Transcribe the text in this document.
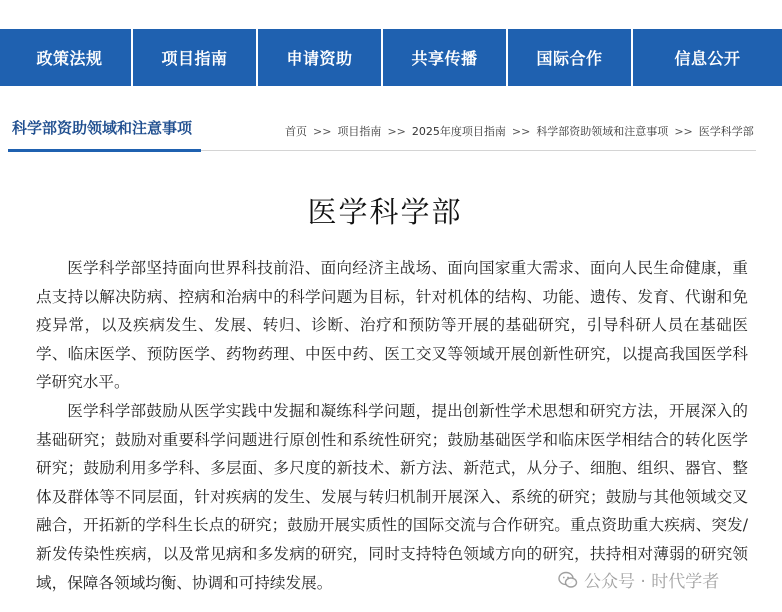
政策法规	项目指南	申请资助	共享传播	国际合作	信息公开
科学部资助领域和注意事项	首页 >> 项目指南 >> 2025年度项目指南 >> 科学部资助领域和注意事项 >> 医学科学部
医学科学部

医学科学部坚持面向世界科技前沿、面向经济主战场、面向国家重大需求、面向人民生命健康，重点支持以解决防病、控病和治病中的科学问题为目标，针对机体的结构、功能、遗传、发育、代谢和免疫异常，以及疾病发生、发展、转归、诊断、治疗和预防等开展的基础研究，引导科研人员在基础医学、临床医学、预防医学、药物药理、中医中药、医工交叉等领域开展创新性研究，以提高我国医学科学研究水平。

医学科学部鼓励从医学实践中发掘和凝练科学问题，提出创新性学术思想和研究方法，开展深入的基础研究；鼓励对重要科学问题进行原创性和系统性研究；鼓励基础医学和临床医学相结合的转化医学研究；鼓励利用多学科、多层面、多尺度的新技术、新方法、新范式，从分子、细胞、组织、器官、整体及群体等不同层面，针对疾病的发生、发展与转归机制开展深入、系统的研究；鼓励与其他领域交叉融合，开拓新的学科生长点的研究；鼓励开展实质性的国际交流与合作研究。重点资助重大疾病、突发/新发传染性疾病，以及常见病和多发病的研究，同时支持特色领域方向的研究，扶持相对薄弱的研究领域，保障各领域均衡、协调和可持续发展。	公众号 · 时代学者
